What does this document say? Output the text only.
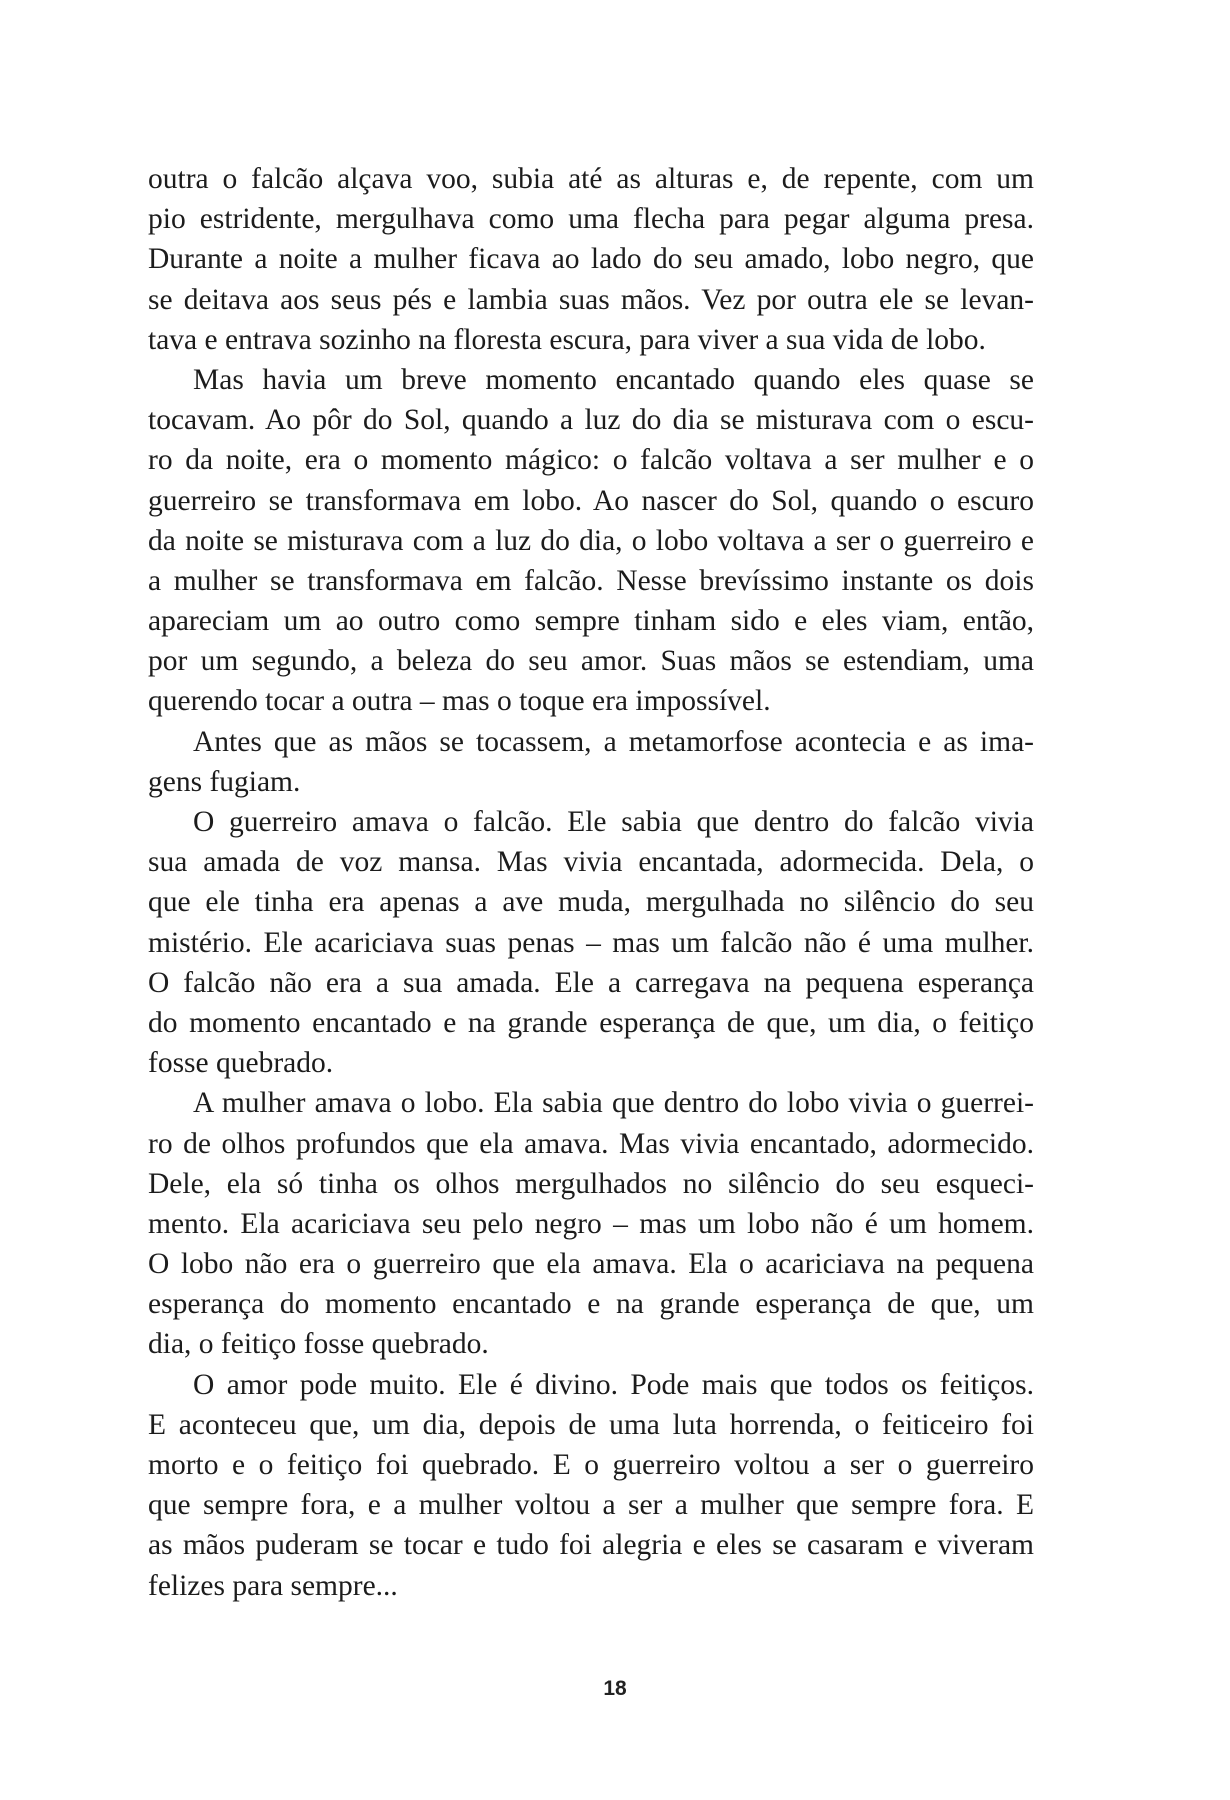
outra o falcão alçava voo, subia até as alturas e, de repente, com um
pio estridente, mergulhava como uma flecha para pegar alguma presa.
Durante a noite a mulher ficava ao lado do seu amado, lobo negro, que
se deitava aos seus pés e lambia suas mãos. Vez por outra ele se levan-
tava e entrava sozinho na floresta escura, para viver a sua vida de lobo.
Mas havia um breve momento encantado quando eles quase se
tocavam. Ao pôr do Sol, quando a luz do dia se misturava com o escu-
ro da noite, era o momento mágico: o falcão voltava a ser mulher e o
guerreiro se transformava em lobo. Ao nascer do Sol, quando o escuro
da noite se misturava com a luz do dia, o lobo voltava a ser o guerreiro e
a mulher se transformava em falcão. Nesse brevíssimo instante os dois
apareciam um ao outro como sempre tinham sido e eles viam, então,
por um segundo, a beleza do seu amor. Suas mãos se estendiam, uma
querendo tocar a outra – mas o toque era impossível.
Antes que as mãos se tocassem, a metamorfose acontecia e as ima-
gens fugiam.
O guerreiro amava o falcão. Ele sabia que dentro do falcão vivia
sua amada de voz mansa. Mas vivia encantada, adormecida. Dela, o
que ele tinha era apenas a ave muda, mergulhada no silêncio do seu
mistério. Ele acariciava suas penas – mas um falcão não é uma mulher.
O falcão não era a sua amada. Ele a carregava na pequena esperança
do momento encantado e na grande esperança de que, um dia, o feitiço
fosse quebrado.
A mulher amava o lobo. Ela sabia que dentro do lobo vivia o guerrei-
ro de olhos profundos que ela amava. Mas vivia encantado, adormecido.
Dele, ela só tinha os olhos mergulhados no silêncio do seu esqueci-
mento. Ela acariciava seu pelo negro – mas um lobo não é um homem.
O lobo não era o guerreiro que ela amava. Ela o acariciava na pequena
esperança do momento encantado e na grande esperança de que, um
dia, o feitiço fosse quebrado.
O amor pode muito. Ele é divino. Pode mais que todos os feitiços.
E aconteceu que, um dia, depois de uma luta horrenda, o feiticeiro foi
morto e o feitiço foi quebrado. E o guerreiro voltou a ser o guerreiro
que sempre fora, e a mulher voltou a ser a mulher que sempre fora. E
as mãos puderam se tocar e tudo foi alegria e eles se casaram e viveram
felizes para sempre...
18
